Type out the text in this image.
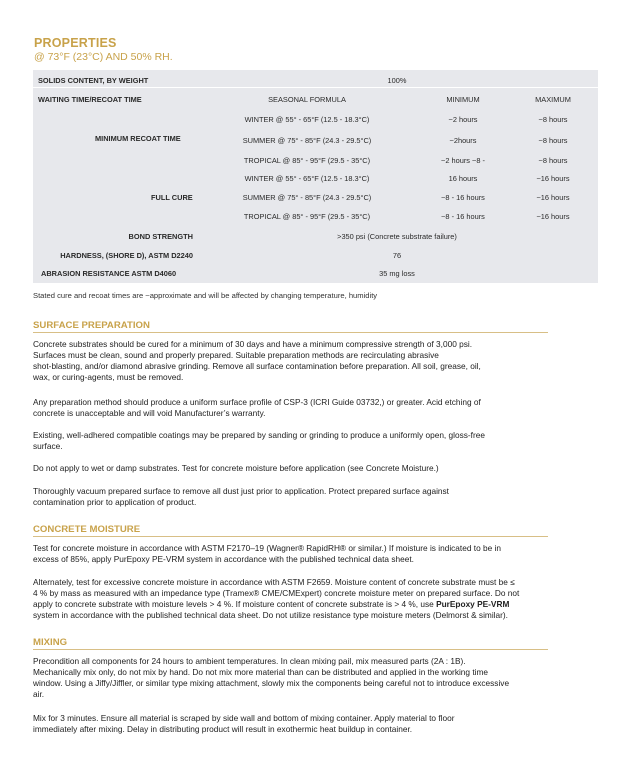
PROPERTIES
@ 73°F (23°C) AND 50% RH.
SOLIDS CONTENT, BY WEIGHT	100%
WAITING TIME/RECOAT TIME	SEASONAL FORMULA	MINIMUM	MAXIMUM
MINIMUM RECOAT TIME
WINTER @ 55° - 65°F (12.5 - 18.3°C)	~2 hours	~8 hours
SUMMER @ 75° - 85°F (24.3 - 29.5°C)	~2hours	~8 hours
TROPICAL @ 85° - 95°F (29.5 - 35°C)	~2 hours ~8 -	~8 hours
FULL CURE
WINTER @ 55° - 65°F (12.5 - 18.3°C)	16 hours	~16 hours
SUMMER @ 75° - 85°F (24.3 - 29.5°C)	~8 - 16 hours	~16 hours
TROPICAL @ 85° - 95°F (29.5 - 35°C)	~8 - 16 hours	~16 hours
BOND STRENGTH	>350 psi (Concrete substrate failure)
HARDNESS, (SHORE D), ASTM D2240	76
ABRASION RESISTANCE ASTM D4060	35 mg loss
Stated cure and recoat times are ~approximate and will be affected by changing temperature, humidity
SURFACE PREPARATION
Concrete substrates should be cured for a minimum of 30 days and have a minimum compressive strength of 3,000 psi.
Surfaces must be clean, sound and properly prepared. Suitable preparation methods are recirculating abrasive
shot-blasting, and/or diamond abrasive grinding. Remove all surface contamination before preparation. All soil, grease, oil,
wax, or curing-agents, must be removed.
Any preparation method should produce a uniform surface profile of CSP-3 (ICRI Guide 03732,) or greater. Acid etching of
concrete is unacceptable and will void Manufacturer’s warranty.
Existing, well-adhered compatible coatings may be prepared by sanding or grinding to produce a uniformly open, gloss-free
surface.
Do not apply to wet or damp substrates. Test for concrete moisture before application (see Concrete Moisture.)
Thoroughly vacuum prepared surface to remove all dust just prior to application. Protect prepared surface against
contamination prior to application of product.
CONCRETE MOISTURE
Test for concrete moisture in accordance with ASTM F2170–19 (Wagner® RapidRH® or similar.) If moisture is indicated to be in
excess of 85%, apply PurEpoxy PE-VRM system in accordance with the published technical data sheet.
Alternately, test for excessive concrete moisture in accordance with ASTM F2659. Moisture content of concrete substrate must be ≤
4 % by mass as measured with an impedance type (Tramex® CME/CMExpert) concrete moisture meter on prepared surface. Do not
apply to concrete substrate with moisture levels > 4 %. If moisture content of concrete substrate is > 4 %, use PurEpoxy PE-VRM
system in accordance with the published technical data sheet. Do not utilize resistance type moisture meters (Delmorst & similar).
MIXING
Precondition all components for 24 hours to ambient temperatures. In clean mixing pail, mix measured parts (2A : 1B).
Mechanically mix only, do not mix by hand. Do not mix more material than can be distributed and applied in the working time
window. Using a Jiffy/Jiffler, or similar type mixing attachment, slowly mix the components being careful not to introduce excessive
air.
Mix for 3 minutes. Ensure all material is scraped by side wall and bottom of mixing container. Apply material to floor
immediately after mixing. Delay in distributing product will result in exothermic heat buildup in container.
